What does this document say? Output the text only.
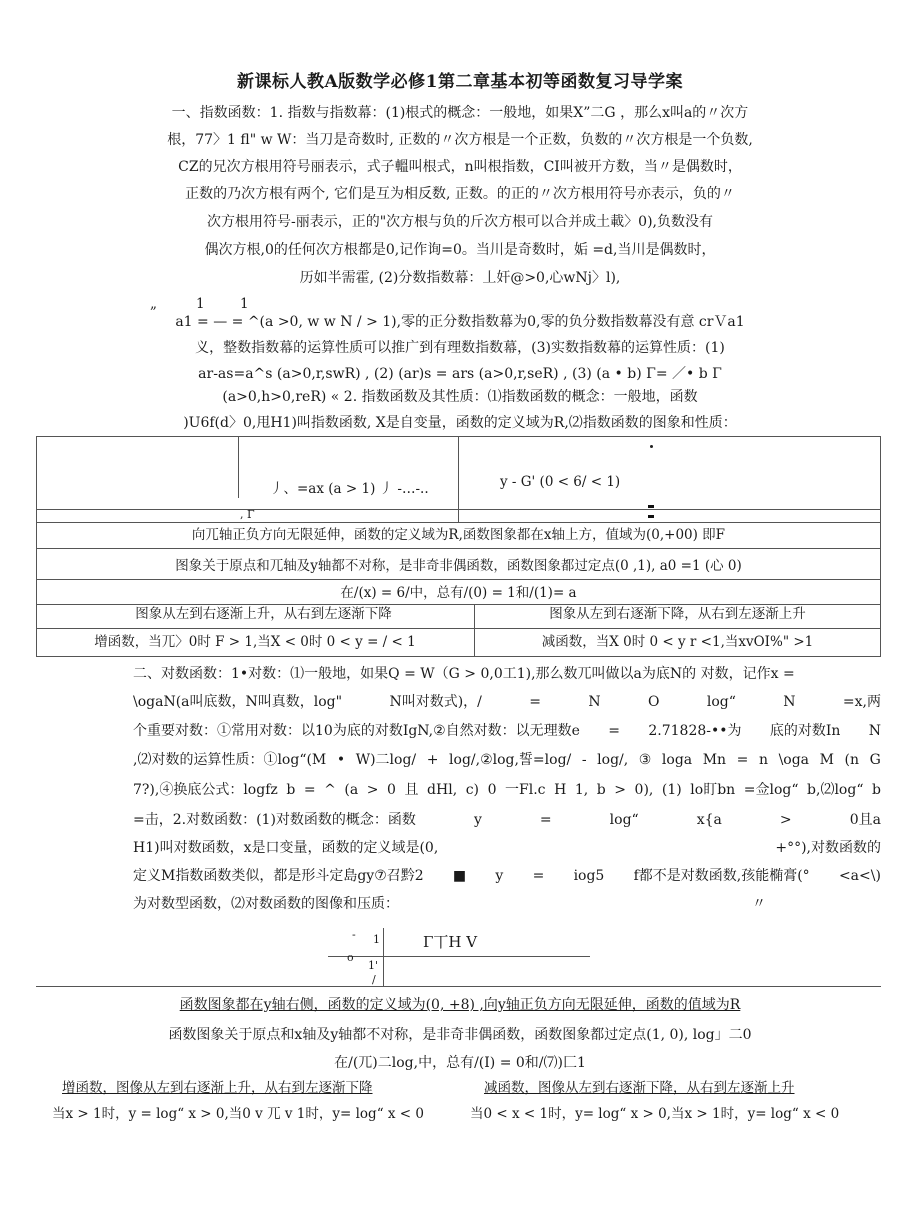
新课标人教A版数学必修1第二章基本初等函数复习导学案
一、指数函数：1. 指数与指数幕：(1)根式的概念：一般地，如果X”二G ，那么x叫a的〃次方
根，77〉1 fl" w W：当刀是奇数时, 正数的〃次方根是一个正数，负数的〃次方根是一个负数,
CZ的兄次方根用符号丽表示，式子轀叫根式，n叫根指数，CI叫被开方数，当〃是偶数时，
正数的乃次方根有两个, 它们是互为相反数, 正数。的正的〃次方根用符号亦表示，负的〃
次方根用符号-丽表示，正的"次方根与负的斤次方根可以合并成土載〉0),负数没有
偶次方根,0的任何次方根都是0,记作询=0。当川是奇数时，姤 =d,当川是偶数时，
历如半需霍, (2)分数指数幕：丄奸@>0,心wNj〉l),
„	1	1
a1 = — = ^(a >0, w w N / > 1),零的正分数指数幕为0,零的负分数指数幕没有意 crＶa1
义，整数指数幕的运算性质可以推广到有理数指数幕，(3)实数指数幕的运算性质：(1)
ar-as=a^s (a>0,r,swR) , (2) (ar)s = ars (a>0,r,seR) , (3) (a • b) Γ= ／• b Γ
(a>0,h>0,reR) « 2. 指数函数及其性质：⑴指数函数的概念：一般地，函数
)U6f(d〉0,甩H1)叫指数函数, X是自变量，函数的定义域为R,⑵指数函数的图象和性质：
丿、=ax (a > 1) 丿 -…-..	y - G' (0 < 6/ < 1)
, Γ
向兀轴正负方向无限延伸，函数的定义域为R,函数图象都在x轴上方，值域为(0,+00) 即F
图象关于原点和兀轴及y轴都不对称，是非奇非偶函数，函数图象都过定点(0 ,1), a0 =1 (心 0)
在/(x) = 6/中，总有/(0) = 1和/(1)= a
图象从左到右逐渐上升，从右到左逐渐下降	图象从左到右逐渐下降，从右到左逐渐上升
增函数，当兀〉0时 F > 1,当X < 0时 0 < y = / < 1	减函数，当X 0时 0 < y r <1,当xvOI%" >1
二、对数函数：1•对数：⑴一般地，如果Q = W（G > 0,0工1),那么数兀叫做以a为底N的 对数，记作x =
\ogaN(a叫底数，N叫真数，log"	N叫对数式)，/	=	N	O	log“	N	=x,两
个重要对数：①常用对数：以10为底的对数IgN,②自然对数：以无理数e = 2.71828-••为 底的对数In N
,⑵对数的运算性质：①log“(M • W)二log/ + log/,②log,誓=log/ - log/, ③ loga Mn = n \oga M (n G
7?),④换底公式：logfz b = ^ (a > 0 且 dHl, c) 0 一Fl.c H 1, b > 0), (1) lo盯bn =佥log“ b,⑵log“ b
=击，2.对数函数：(1)对数函数的概念：函数	y	=	log“	x{a	>	0且a
H1)叫对数函数，x是口变量，函数的定义域是(0,	+°°),对数函数的
定义M指数函数类似，都是形斗定島gy⑦召黔2 ■ y = iog5 f都不是对数函数,孩能椭膏(° <a<\)
为对数型函数，⑵对数函数的图像和压质：	〃
Γ丅H V
- 1
o
1'
/
函数图象都在y轴右侧，函数的定义域为(0, +8) ,向y轴正负方向无限延伸，函数的值域为R
函数图象关于原点和x轴及y轴都不对称，是非奇非偶函数，函数图象都过定点(1, 0), log」二0
在/(兀)二log,中，总有/(I) = 0和/⑺)匚1
增函数，图像从左到右逐渐上升，从右到左逐渐下降	减函数，图像从左到右逐渐下降，从右到左逐渐上升
当x > 1时，y = log“ x > 0,当0 v 兀 v 1时，y= log“ x < 0	当0 < x < 1时，y= log“ x > 0,当x > 1时，y= log“ x < 0
